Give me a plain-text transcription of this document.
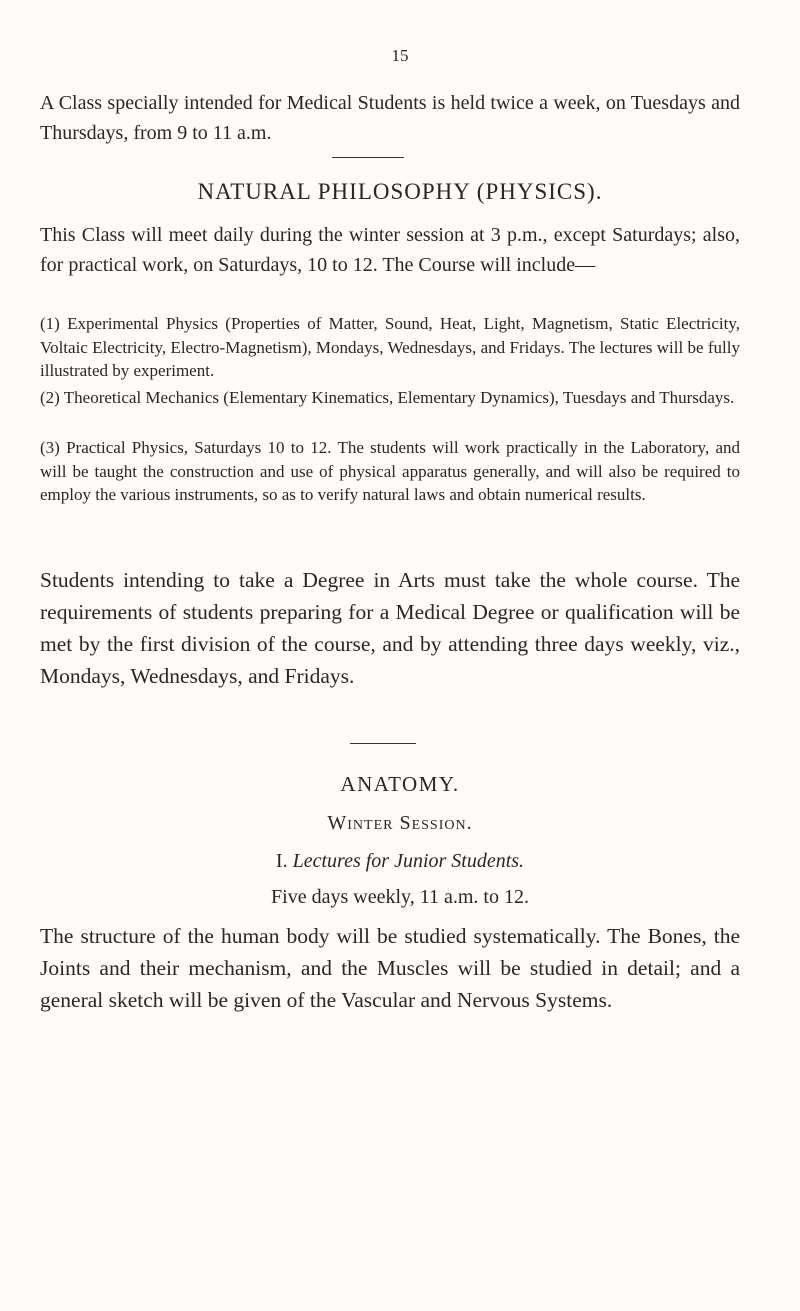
15

A Class specially intended for Medical Students is held twice a week, on Tuesdays and Thursdays, from 9 to 11 a.m.

NATURAL PHILOSOPHY (PHYSICS).

This Class will meet daily during the winter session at 3 p.m., except Saturdays; also, for practical work, on Saturdays, 10 to 12. The Course will include—

(1) Experimental Physics (Properties of Matter, Sound, Heat, Light, Magnetism, Static Electricity, Voltaic Electricity, Electro-Magnetism), Mondays, Wednesdays, and Fridays. The lectures will be fully illustrated by experiment.

(2) Theoretical Mechanics (Elementary Kinematics, Elementary Dynamics), Tuesdays and Thursdays.

(3) Practical Physics, Saturdays 10 to 12. The students will work practically in the Laboratory, and will be taught the construction and use of physical apparatus generally, and will also be required to employ the various instruments, so as to verify natural laws and obtain numerical results.

Students intending to take a Degree in Arts must take the whole course. The requirements of students preparing for a Medical Degree or qualification will be met by the first division of the course, and by attending three days weekly, viz., Mondays, Wednesdays, and Fridays.

ANATOMY.
Winter Session.
I. Lectures for Junior Students.
Five days weekly, 11 a.m. to 12.

The structure of the human body will be studied systematically. The Bones, the Joints and their mechanism, and the Muscles will be studied in detail; and a general sketch will be given of the Vascular and Nervous Systems.
